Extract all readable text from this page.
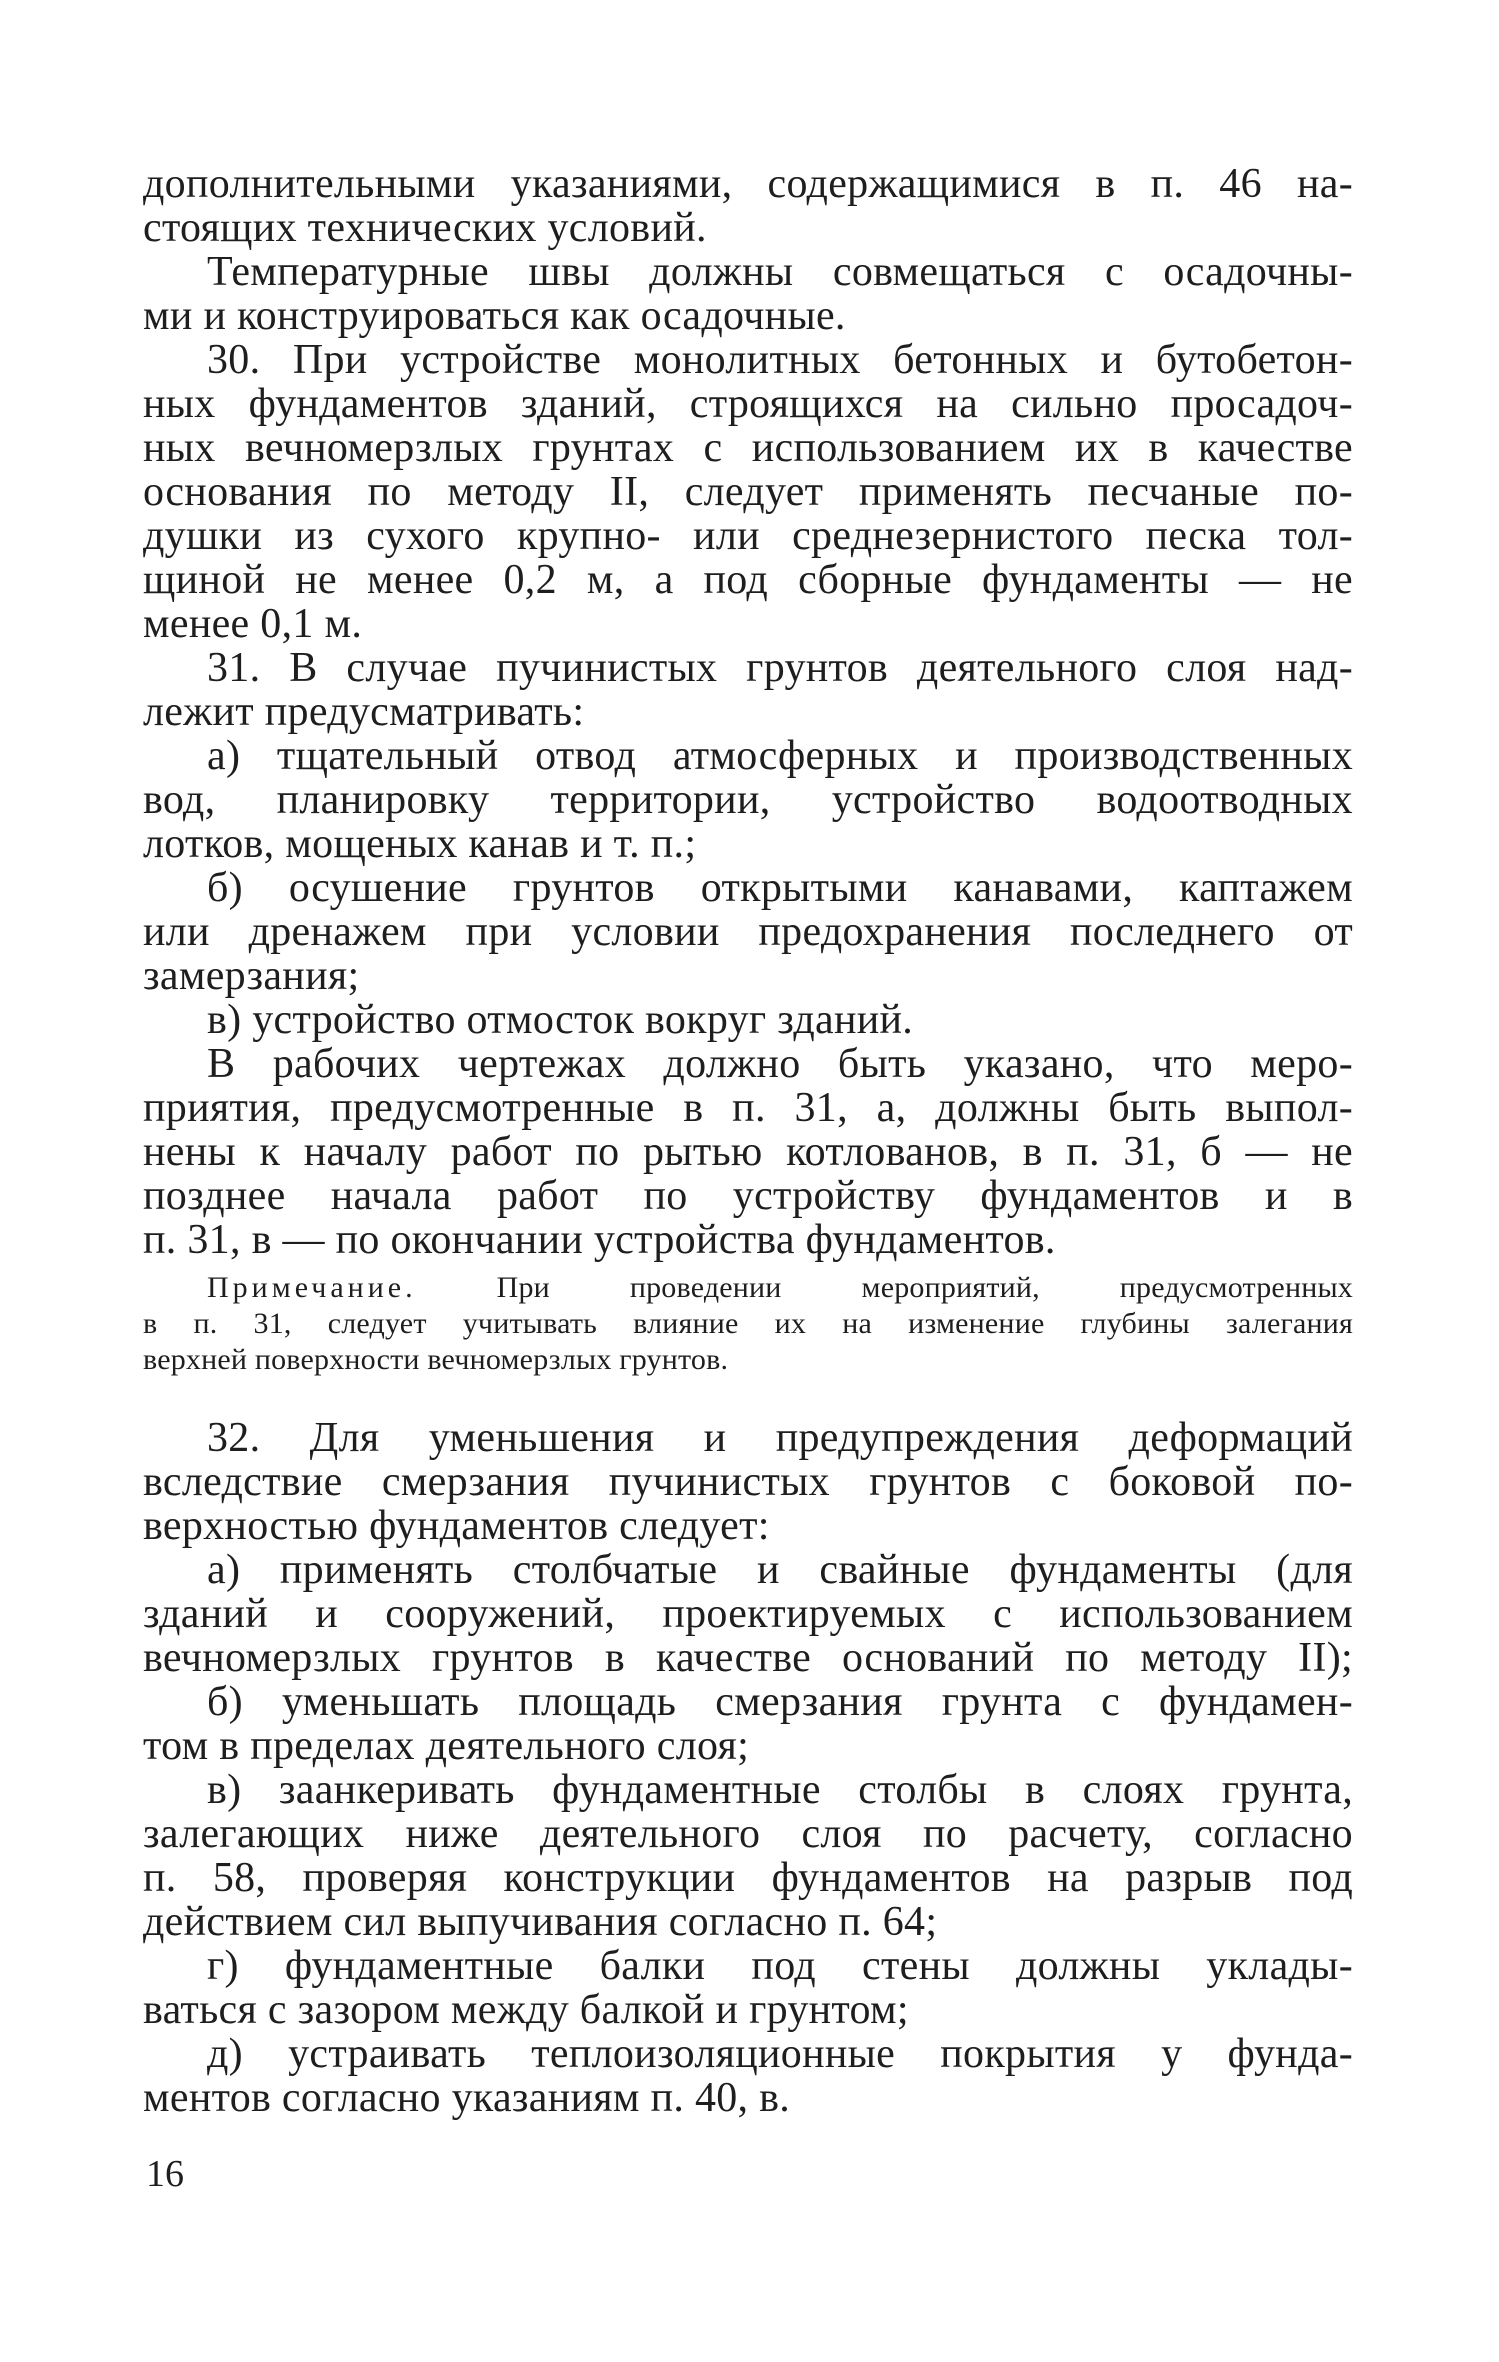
дополнительными указаниями, содержащимися в п. 46 на-
стоящих технических условий.
Температурные швы должны совмещаться с осадочны-
ми и конструироваться как осадочные.
30. При устройстве монолитных бетонных и бутобетон-
ных фундаментов зданий, строящихся на сильно просадоч-
ных вечномерзлых грунтах с использованием их в качестве
основания по методу II, следует применять песчаные по-
душки из сухого крупно- или среднезернистого песка тол-
щиной не менее 0,2 м, а под сборные фундаменты — не
менее 0,1 м.
31. В случае пучинистых грунтов деятельного слоя над-
лежит предусматривать:
а) тщательный отвод атмосферных и производственных
вод, планировку территории, устройство водоотводных
лотков, мощеных канав и т. п.;
б) осушение грунтов открытыми канавами, каптажем
или дренажем при условии предохранения последнего от
замерзания;
в) устройство отмосток вокруг зданий.
В рабочих чертежах должно быть указано, что меро-
приятия, предусмотренные в п. 31, а, должны быть выпол-
нены к началу работ по рытью котлованов, в п. 31, б — не
позднее начала работ по устройству фундаментов и в
п. 31, в — по окончании устройства фундаментов.
Примечание.	При проведении мероприятий, предусмотренных
в п. 31, следует учитывать влияние их на изменение глубины залегания
верхней поверхности вечномерзлых грунтов.
32. Для уменьшения и предупреждения деформаций
вследствие смерзания пучинистых грунтов с боковой по-
верхностью фундаментов следует:
а) применять столбчатые и свайные фундаменты (для
зданий и сооружений, проектируемых с использованием
вечномерзлых грунтов в качестве оснований по методу II);
б) уменьшать площадь смерзания грунта с фундамен-
том в пределах деятельного слоя;
в) заанкеривать фундаментные столбы в слоях грунта,
залегающих ниже деятельного слоя по расчету, согласно
п. 58, проверяя конструкции фундаментов на разрыв под
действием сил выпучивания согласно п. 64;
г) фундаментные балки под стены должны уклады-
ваться с зазором между балкой и грунтом;
д) устраивать теплоизоляционные покрытия у фунда-
ментов согласно указаниям п. 40, в.
16
